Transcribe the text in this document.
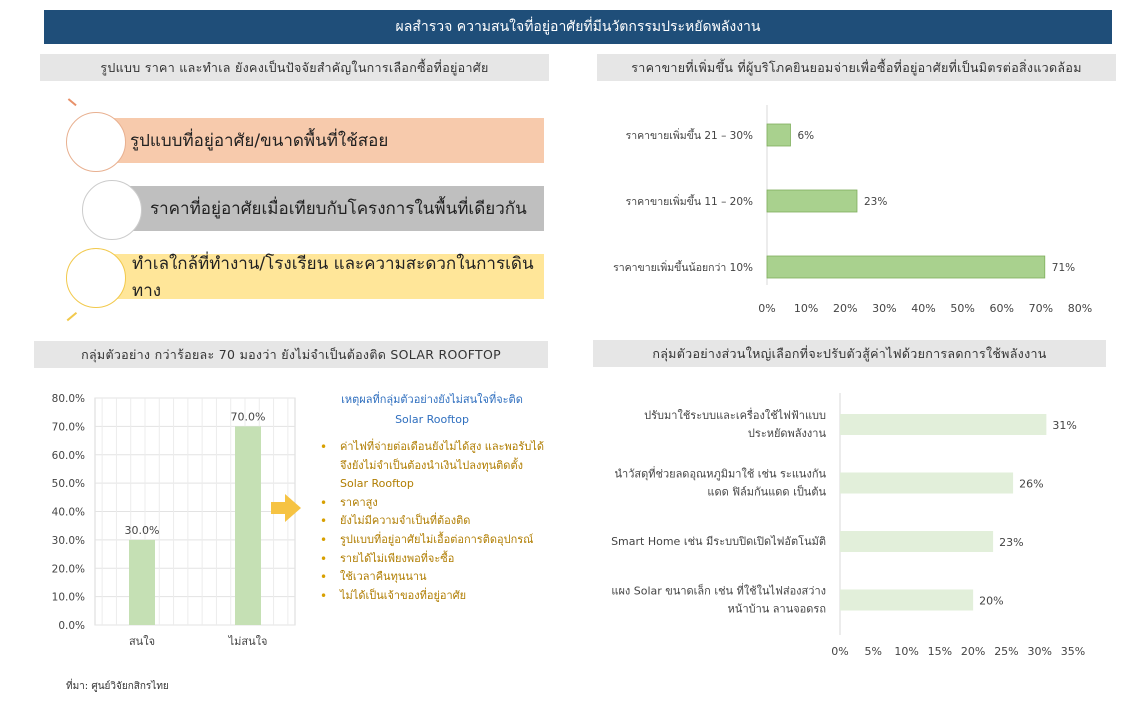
ผลสำรวจ ความสนใจที่อยู่อาศัยที่มีนวัตกรรมประหยัดพลังงาน
รูปแบบ ราคา และทำเล ยังคงเป็นปัจจัยสำคัญในการเลือกซื้อที่อยู่อาศัย
รูปแบบที่อยู่อาศัย/ขนาดพื้นที่ใช้สอย
ราคาที่อยู่อาศัยเมื่อเทียบกับโครงการในพื้นที่เดียวกัน
ทำเลใกล้ที่ทำงาน/โรงเรียน และความสะดวกในการเดินทาง
ราคาขายที่เพิ่มขึ้น ที่ผู้บริโภคยินยอมจ่ายเพื่อซื้อที่อยู่อาศัยที่เป็นมิตรต่อสิ่งแวดล้อม
ราคาขายเพิ่มขึ้น 21 – 30%	6%
ราคาขายเพิ่มขึ้น 11 – 20%	23%
ราคาขายเพิ่มขึ้นน้อยกว่า 10%	71%
0% 10% 20% 30% 40% 50% 60% 70% 80%
กลุ่มตัวอย่าง กว่าร้อยละ 70 มองว่า ยังไม่จำเป็นต้องติด SOLAR ROOFTOP
0.0%
10.0%
20.0%
30.0%
40.0%
50.0%
60.0%
70.0%
80.0%
30.0%
สนใจ
70.0%
ไม่สนใจ
เหตุผลที่กลุ่มตัวอย่างยังไม่สนใจที่จะติด
Solar Rooftop
• ค่าไฟที่จ่ายต่อเดือนยังไม่ได้สูง และพอรับได้ จึงยังไม่จำเป็นต้องนำเงินไปลงทุนติดตั้ง Solar Rooftop
• ราคาสูง
• ยังไม่มีความจำเป็นที่ต้องติด
• รูปแบบที่อยู่อาศัยไม่เอื้อต่อการติดอุปกรณ์
• รายได้ไม่เพียงพอที่จะซื้อ
• ใช้เวลาคืนทุนนาน
• ไม่ได้เป็นเจ้าของที่อยู่อาศัย
กลุ่มตัวอย่างส่วนใหญ่เลือกที่จะปรับตัวสู้ค่าไฟด้วยการลดการใช้พลังงาน
ปรับมาใช้ระบบและเครื่องใช้ไฟฟ้าแบบ
ประหยัดพลังงาน
31%
นำวัสดุที่ช่วยลดอุณหภูมิมาใช้ เช่น ระแนงกัน
แดด ฟิล์มกันแดด เป็นต้น
26%
Smart Home เช่น มีระบบปิดเปิดไฟอัตโนมัติ	23%
แผง Solar ขนาดเล็ก เช่น ที่ใช้ในไฟส่องสว่าง
หน้าบ้าน ลานจอดรถ
20%
0% 5% 10% 15% 20% 25% 30% 35%
ที่มา: ศูนย์วิจัยกสิกรไทย
